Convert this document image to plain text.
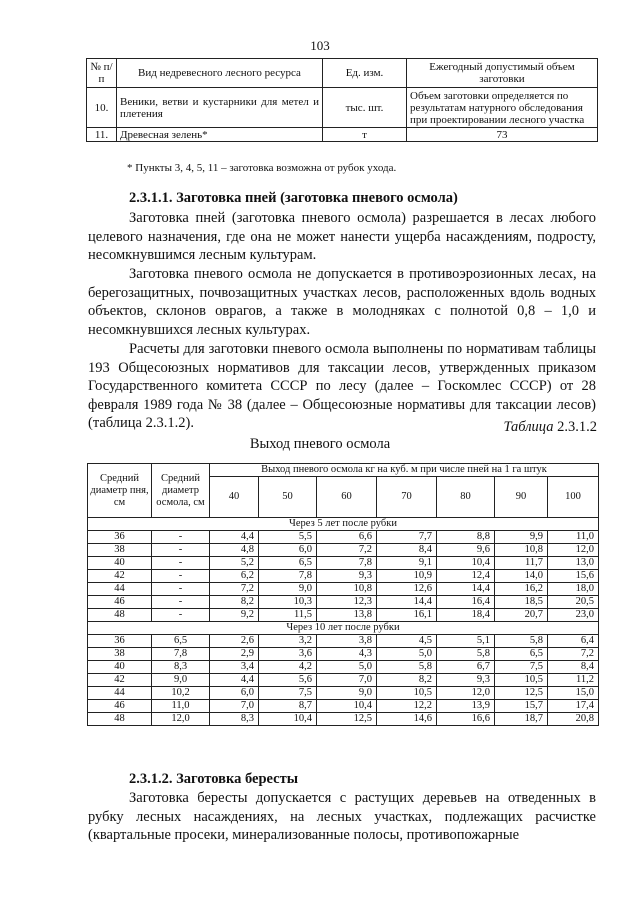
103
№ п/п	Вид недревесного лесного ресурса	Ед. изм.	Ежегодный допустимый объем заготовки
10.	Веники, ветви и кустарники для метел и плетения	тыс. шт.	Объем заготовки определяется по результатам натурного обследования при проектировании лесного участка
11.	Древесная зелень*	т	73
* Пункты 3, 4, 5, 11 – заготовка возможна от рубок ухода.
2.3.1.1. Заготовка пней (заготовка пневого осмола)

Заготовка пней (заготовка пневого осмола) разрешается в лесах любого целевого назначения, где она не может нанести ущерба насаждениям, подросту, несомкнувшимся лесным культурам.

Заготовка пневого осмола не допускается в противоэрозионных лесах, на берегозащитных, почвозащитных участках лесов, расположенных вдоль водных объектов, склонов оврагов, а также в молодняках с полнотой 0,8 – 1,0 и несомкнувшихся лесных культурах.

Расчеты для заготовки пневого осмола выполнены по нормативам таблицы 193 Общесоюзных нормативов для таксации лесов, утвержденных приказом Государственного комитета СССР по лесу (далее – Госкомлес СССР) от 28 февраля 1989 года № 38 (далее – Общесоюзные нормативы для таксации лесов) (таблица 2.3.1.2).	Таблица 2.3.1.2
Выход пневого осмола
Средний диаметр пня, см	Средний диаметр осмола, см	Выход пневого осмола кг на куб. м при числе пней на 1 га штук						
		40	50	60	70	80	90	100
Через 5 лет после рубки								
36	-	4,4	5,5	6,6	7,7	8,8	9,9	11,0
38	-	4,8	6,0	7,2	8,4	9,6	10,8	12,0
40	-	5,2	6,5	7,8	9,1	10,4	11,7	13,0
42	-	6,2	7,8	9,3	10,9	12,4	14,0	15,6
44	-	7,2	9,0	10,8	12,6	14,4	16,2	18,0
46	-	8,2	10,3	12,3	14,4	16,4	18,5	20,5
48	-	9,2	11,5	13,8	16,1	18,4	20,7	23,0
Через 10 лет после рубки								
36	6,5	2,6	3,2	3,8	4,5	5,1	5,8	6,4
38	7,8	2,9	3,6	4,3	5,0	5,8	6,5	7,2
40	8,3	3,4	4,2	5,0	5,8	6,7	7,5	8,4
42	9,0	4,4	5,6	7,0	8,2	9,3	10,5	11,2
44	10,2	6,0	7,5	9,0	10,5	12,0	12,5	15,0
46	11,0	7,0	8,7	10,4	12,2	13,9	15,7	17,4
48	12,0	8,3	10,4	12,5	14,6	16,6	18,7	20,8
2.3.1.2. Заготовка бересты

Заготовка бересты допускается с растущих деревьев на отведенных в рубку лесных насаждениях, на лесных участках, подлежащих расчистке (квартальные просеки, минерализованные полосы, противопожарные
